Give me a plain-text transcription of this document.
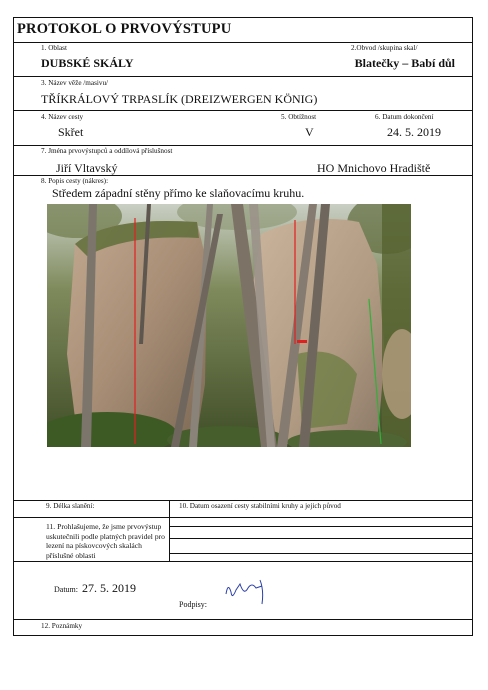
PROTOKOL O PRVOVÝSTUPU
1. Oblast	2.Obvod /skupina skal/
DUBSKÉ SKÁLY	Blatečky – Babí důl
3. Název věže /masivu/
TŘÍKRÁLOVÝ TRPASLÍK (DREIZWERGEN KÖNIG)
4. Název cesty	5. Obtížnost	6. Datum dokončení
Skřet	V	24. 5. 2019
7. Jména prvovýstupců a oddílová příslušnost
Jiří Vltavský	HO Mnichovo Hradiště
8. Popis cesty (nákres):
Středem západní stěny přímo ke slaňovacímu kruhu.
9. Délka slanění:	10. Datum osazení cesty stabilními kruhy a jejich původ
11. Prohlašujeme, že jsme prvovýstup uskutečnili podle platných pravidel pro lezení na pískovcových skalách příslušné oblasti
Datum: 27. 5. 2019
Podpisy:
12. Poznámky
